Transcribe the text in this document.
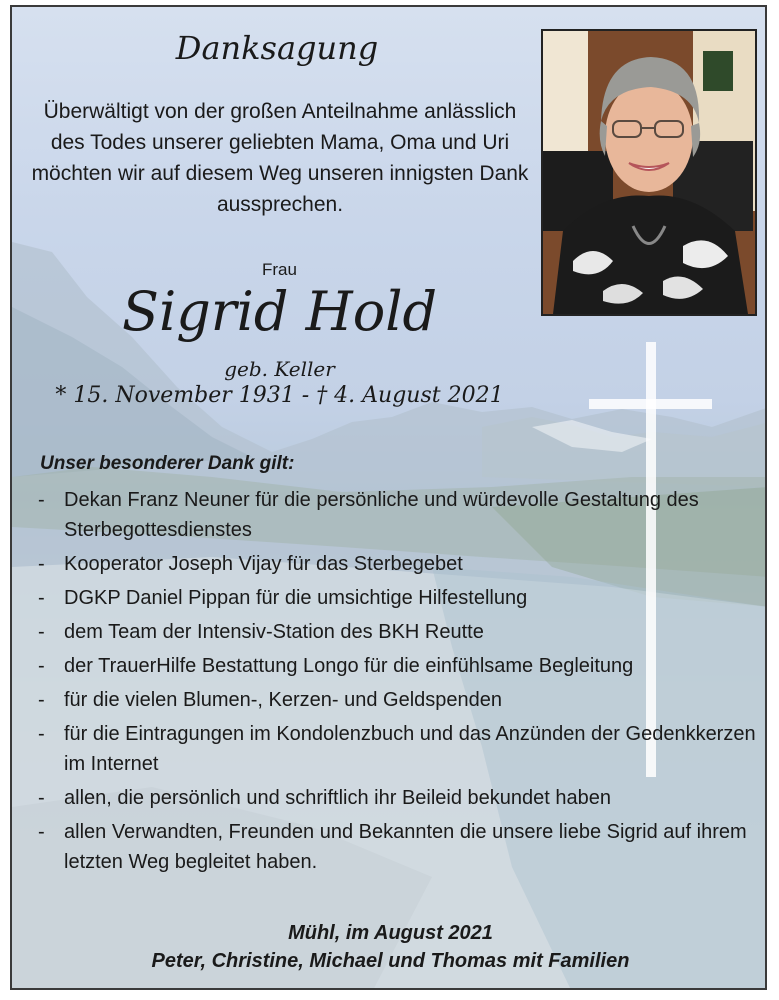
Danksagung
Überwältigt von der großen Anteilnahme anlässlich des Todes unserer geliebten Mama, Oma und Uri möchten wir auf diesem Weg unseren innigsten Dank aussprechen.
Frau
Sigrid Hold
geb. Keller
* 15. November 1931 - † 4. August 2021
Unser besonderer Dank gilt:
- Dekan Franz Neuner für die persönliche und würdevolle Gestaltung des Sterbegottesdienstes
- Kooperator Joseph Vijay für das Sterbegebet
- DGKP Daniel Pippan für die umsichtige Hilfestellung
- dem Team der Intensiv-Station des BKH Reutte
- der TrauerHilfe Bestattung Longo für die einfühlsame Begleitung
- für die vielen Blumen-, Kerzen- und Geldspenden
- für die Eintragungen im Kondolenzbuch und das Anzünden der Gedenkkerzen im Internet
- allen, die persönlich und schriftlich ihr Beileid bekundet haben
- allen Verwandten, Freunden und Bekannten die unsere liebe Sigrid auf ihrem letzten Weg begleitet haben.
Mühl, im August 2021
Peter, Christine, Michael und Thomas mit Familien
